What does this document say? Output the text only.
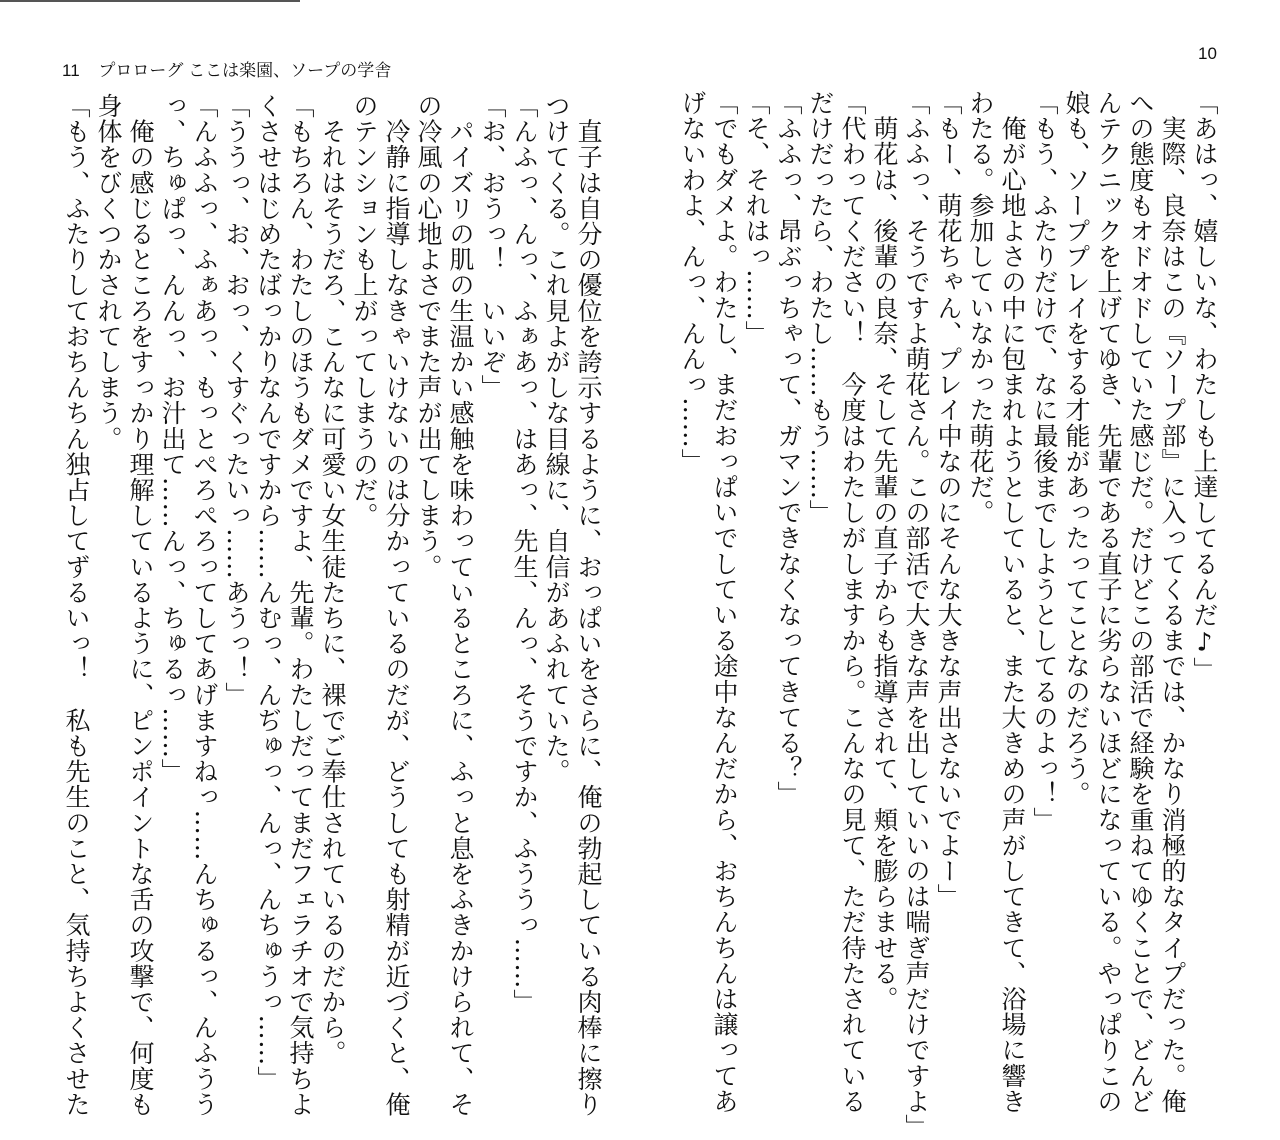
11 プロローグ ここは楽園、ソープの学舎
10
「あはっ、嬉しいな、わたしも上達してるんだ♪」
　実際、良奈はこの『ソープ部』に入ってくるまでは、かなり消極的なタイプだった。俺
への態度もオドオドしていた感じだ。だけどこの部活で経験を重ねてゆくことで、どんど
んテクニックを上げてゆき、先輩である直子に劣らないほどになっている。やっぱりこの
娘も、ソーププレイをする才能があったってことなのだろう。
「もう、ふたりだけで、なに最後までしようとしてるのよっ！」
　俺が心地よさの中に包まれようとしていると、また大きめの声がしてきて、浴場に響き
わたる。参加していなかった萌花だ。
「もー、萌花ちゃん、プレイ中なのにそんな大きな声出さないでよー」
「ふふっ、そうですよ萌花さん。この部活で大きな声を出していいのは喘ぎ声だけですよ」
　萌花は、後輩の良奈、そして先輩の直子からも指導されて、頬を膨らませる。
「代わってください！　今度はわたしがしますから。こんなの見て、ただ待たされている
だけだったら、わたし……もう……」
「ふふっ、昂ぶっちゃって、ガマンできなくなってきてる？」
「そ、それはっ……」
「でもダメよ。わたし、まだおっぱいでしている途中なんだから、おちんちんは譲ってあ
げないわよ、んっ、んんっ……」
　直子は自分の優位を誇示するように、おっぱいをさらに、俺の勃起している肉棒に擦り
つけてくる。これ見よがしな目線に、自信があふれていた。
「んふっ、んっ、ふぁあっ、はあっ、先生、んっ、そうですか、ふううっ……」
「お、おうっ！　いいぞ」
　パイズリの肌の生温かい感触を味わっているところに、ふっと息をふきかけられて、そ
の冷風の心地よさでまた声が出てしまう。
　冷静に指導しなきゃいけないのは分かっているのだが、どうしても射精が近づくと、俺
のテンションも上がってしまうのだ。
　それはそうだろ、こんなに可愛い女生徒たちに、裸でご奉仕されているのだから。
「もちろん、わたしのほうもダメですよ、先輩。わたしだってまだフェラチオで気持ちよ
くさせはじめたばっかりなんですから……んむっ、んぢゅっ、んっ、んちゅうっ……」
「ううっ、お、おっ、くすぐったいっ……あうっ！」
「んふふっ、ふぁあっ、もっとぺろぺろってしてあげますねっ……んちゅるっ、んふうう
っ、ちゅぱっ、んんっ、お汁出て……んっ、ちゅるっ……」
　俺の感じるところをすっかり理解しているように、ピンポイントな舌の攻撃で、何度も
身体をびくつかされてしまう。
「もう、ふたりしておちんちん独占してずるいっ！　私も先生のこと、気持ちよくさせた
